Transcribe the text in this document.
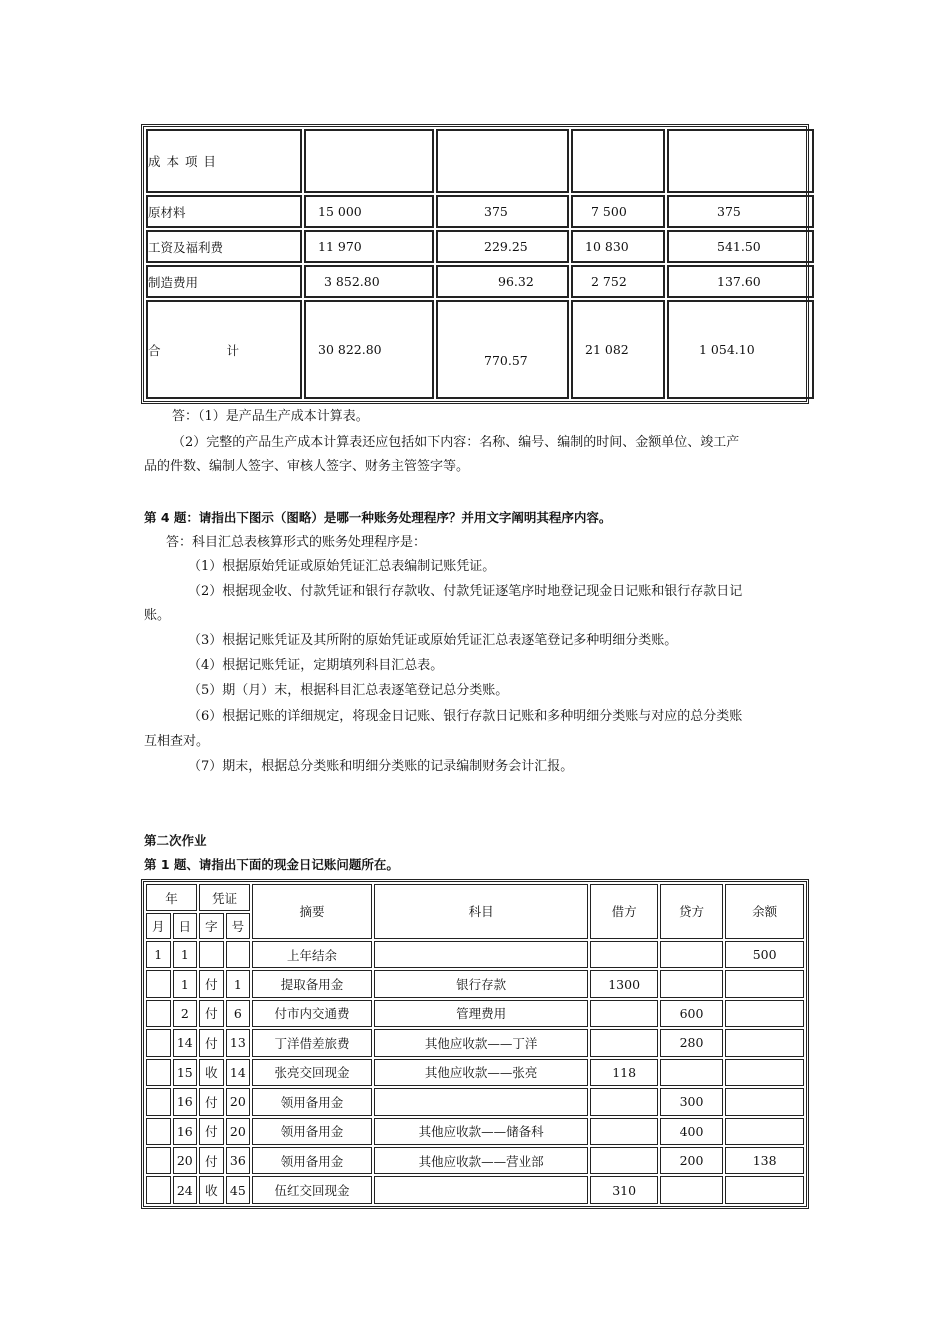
成 本 项 目				
原材料	15 000	375	7 500	375
工资及福利费	11 970	229.25	10 830	541.50
制造费用	3 852.80	96.32	2 752	137.60
合 计	30 822.80	770.57	21 082	1 054.10
答：（1）是产品生产成本计算表。
（2）完整的产品生产成本计算表还应包括如下内容：名称、编号、编制的时间、金额单位、竣工产
品的件数、编制人签字、审核人签字、财务主管签字等。
第 4 题：请指出下图示（图略）是哪一种账务处理程序？并用文字阐明其程序内容。
答：科目汇总表核算形式的账务处理程序是：
（1）根据原始凭证或原始凭证汇总表编制记账凭证。
（2）根据现金收、付款凭证和银行存款收、付款凭证逐笔序时地登记现金日记账和银行存款日记
账。
（3）根据记账凭证及其所附的原始凭证或原始凭证汇总表逐笔登记多种明细分类账。
（4）根据记账凭证，定期填列科目汇总表。
（5）期（月）末，根据科目汇总表逐笔登记总分类账。
（6）根据记账的详细规定，将现金日记账、银行存款日记账和多种明细分类账与对应的总分类账
互相查对。
（7）期末，根据总分类账和明细分类账的记录编制财务会计汇报。
第二次作业
第 1 题、请指出下面的现金日记账问题所在。
年		凭证		摘要	科目	借方	贷方	余额
月	日	字	号					
1	1			上年结余				500
	1	付	1	提取备用金	银行存款	1300		
	2	付	6	付市内交通费	管理费用		600	
	14	付	13	丁洋借差旅费	其他应收款——丁洋		280	
	15	收	14	张亮交回现金	其他应收款——张亮	118		
	16	付	20	领用备用金			300	
	16	付	20	领用备用金	其他应收款——储备科		400	
	20	付	36	领用备用金	其他应收款——营业部		200	138
	24	收	45	伍红交回现金		310		
